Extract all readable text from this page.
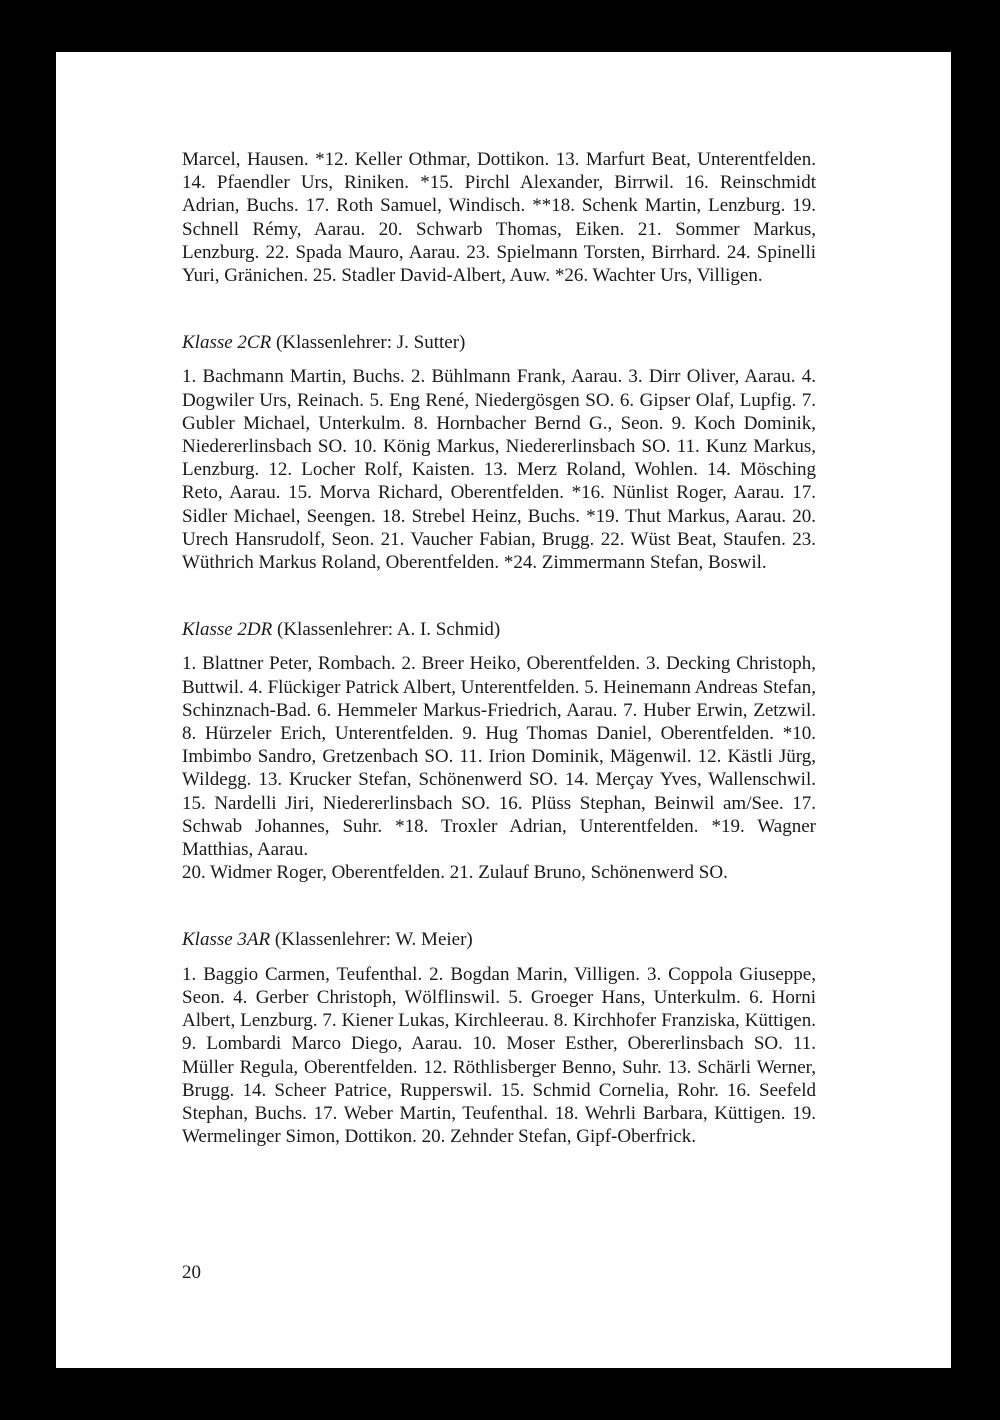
Marcel, Hausen. *12. Keller Othmar, Dottikon. 13. Marfurt Beat, Unterentfelden. 14. Pfaendler Urs, Riniken. *15. Pirchl Alexander, Birrwil. 16. Reinschmidt Adrian, Buchs. 17. Roth Samuel, Windisch. **18. Schenk Martin, Lenzburg. 19. Schnell Rémy, Aarau. 20. Schwarb Thomas, Eiken. 21. Sommer Markus, Lenzburg. 22. Spada Mauro, Aarau. 23. Spielmann Torsten, Birrhard. 24. Spinelli Yuri, Gränichen. 25. Stadler David-Albert, Auw. *26. Wachter Urs, Villigen.

Klasse 2CR (Klassenlehrer: J. Sutter)

1. Bachmann Martin, Buchs. 2. Bühlmann Frank, Aarau. 3. Dirr Oliver, Aarau. 4. Dogwiler Urs, Reinach. 5. Eng René, Niedergösgen SO. 6. Gipser Olaf, Lupfig. 7. Gubler Michael, Unterkulm. 8. Hornbacher Bernd G., Seon. 9. Koch Dominik, Niedererlinsbach SO. 10. König Markus, Niedererlinsbach SO. 11. Kunz Markus, Lenzburg. 12. Locher Rolf, Kaisten. 13. Merz Roland, Wohlen. 14. Mösching Reto, Aarau. 15. Morva Richard, Oberentfelden. *16. Nünlist Roger, Aarau. 17. Sidler Michael, Seengen. 18. Strebel Heinz, Buchs. *19. Thut Markus, Aarau. 20. Urech Hansrudolf, Seon. 21. Vaucher Fabian, Brugg. 22. Wüst Beat, Staufen. 23. Wüthrich Markus Roland, Oberentfelden. *24. Zimmermann Stefan, Boswil.

Klasse 2DR (Klassenlehrer: A. I. Schmid)

1. Blattner Peter, Rombach. 2. Breer Heiko, Oberentfelden. 3. Decking Christoph, Buttwil. 4. Flückiger Patrick Albert, Unterentfelden. 5. Heinemann Andreas Stefan, Schinznach-Bad. 6. Hemmeler Markus-Friedrich, Aarau. 7. Huber Erwin, Zetzwil. 8. Hürzeler Erich, Unterentfelden. 9. Hug Thomas Daniel, Oberentfelden. *10. Imbimbo Sandro, Gretzenbach SO. 11. Irion Dominik, Mägenwil. 12. Kästli Jürg, Wildegg. 13. Krucker Stefan, Schönenwerd SO. 14. Merçay Yves, Wallenschwil. 15. Nardelli Jiri, Niedererlinsbach SO. 16. Plüss Stephan, Beinwil am/See. 17. Schwab Johannes, Suhr. *18. Troxler Adrian, Unterentfelden. *19. Wagner Matthias, Aarau.

20. Widmer Roger, Oberentfelden. 21. Zulauf Bruno, Schönenwerd SO.

Klasse 3AR (Klassenlehrer: W. Meier)

1. Baggio Carmen, Teufenthal. 2. Bogdan Marin, Villigen. 3. Coppola Giuseppe, Seon. 4. Gerber Christoph, Wölflinswil. 5. Groeger Hans, Unterkulm. 6. Horni Albert, Lenzburg. 7. Kiener Lukas, Kirchleerau. 8. Kirchhofer Franziska, Küttigen. 9. Lombardi Marco Diego, Aarau. 10. Moser Esther, Obererlinsbach SO. 11. Müller Regula, Oberentfelden. 12. Röthlisberger Benno, Suhr. 13. Schärli Werner, Brugg. 14. Scheer Patrice, Rupperswil. 15. Schmid Cornelia, Rohr. 16. Seefeld Stephan, Buchs. 17. Weber Martin, Teufenthal. 18. Wehrli Barbara, Küttigen. 19. Wermelinger Simon, Dottikon. 20. Zehnder Stefan, Gipf-Oberfrick.

20
